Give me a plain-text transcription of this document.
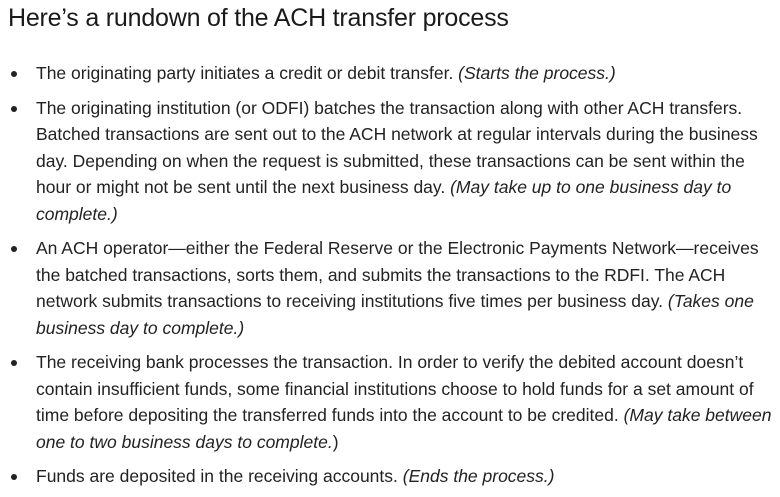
Here’s a rundown of the ACH transfer process
The originating party initiates a credit or debit transfer. (Starts the process.)
The originating institution (or ODFI) batches the transaction along with other ACH transfers. Batched transactions are sent out to the ACH network at regular intervals during the business day. Depending on when the request is submitted, these transactions can be sent within the hour or might not be sent until the next business day. (May take up to one business day to complete.)
An ACH operator—either the Federal Reserve or the Electronic Payments Network—receives the batched transactions, sorts them, and submits the transactions to the RDFI. The ACH network submits transactions to receiving institutions five times per business day. (Takes one business day to complete.)
The receiving bank processes the transaction. In order to verify the debited account doesn’t contain insufficient funds, some financial institutions choose to hold funds for a set amount of time before depositing the transferred funds into the account to be credited. (May take between one to two business days to complete.)
Funds are deposited in the receiving accounts. (Ends the process.)
